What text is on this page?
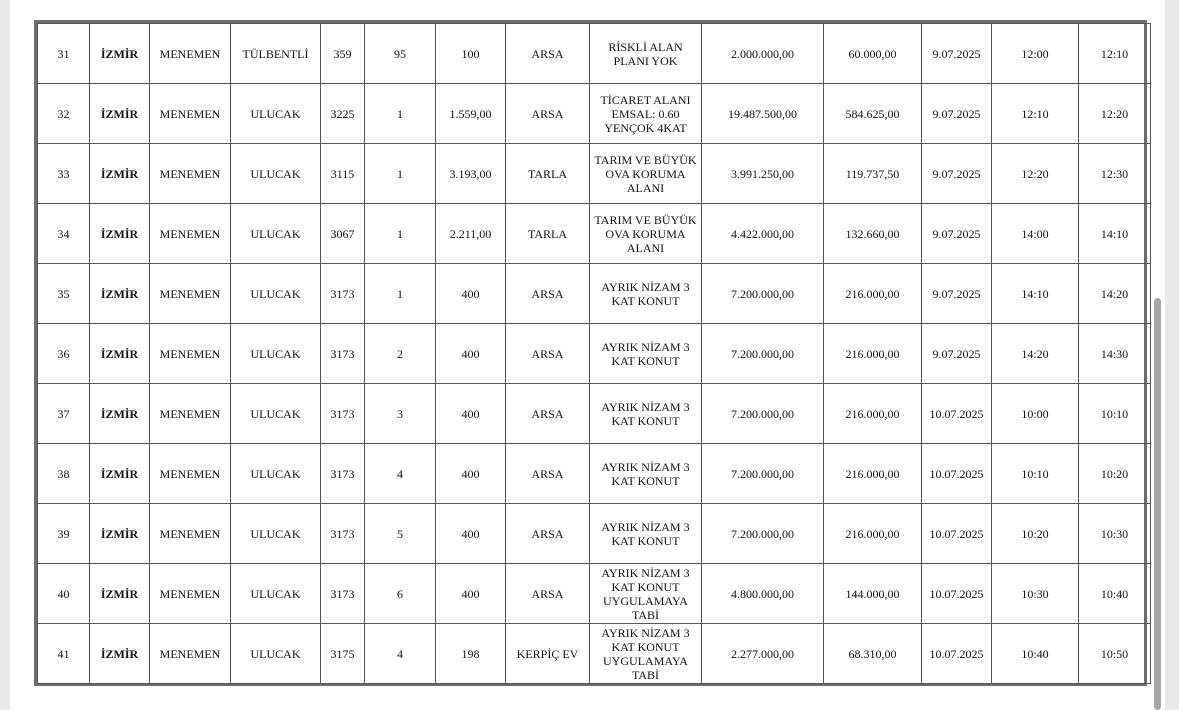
31	İZMİR	MENEMEN	TÜLBENTLİ	359	95	100	ARSA	RİSKLİ ALAN PLANI YOK	2.000.000,00	60.000,00	9.07.2025	12:00	12:10
32	İZMİR	MENEMEN	ULUCAK	3225	1	1.559,00	ARSA	TİCARET ALANI EMSAL: 0.60 YENÇOK 4KAT	19.487.500,00	584.625,00	9.07.2025	12:10	12:20
33	İZMİR	MENEMEN	ULUCAK	3115	1	3.193,00	TARLA	TARIM VE BÜYÜK OVA KORUMA ALANI	3.991.250,00	119.737,50	9.07.2025	12:20	12:30
34	İZMİR	MENEMEN	ULUCAK	3067	1	2.211,00	TARLA	TARIM VE BÜYÜK OVA KORUMA ALANI	4.422.000,00	132.660,00	9.07.2025	14:00	14:10
35	İZMİR	MENEMEN	ULUCAK	3173	1	400	ARSA	AYRIK NİZAM 3 KAT KONUT	7.200.000,00	216.000,00	9.07.2025	14:10	14:20
36	İZMİR	MENEMEN	ULUCAK	3173	2	400	ARSA	AYRIK NİZAM 3 KAT KONUT	7.200.000,00	216.000,00	9.07.2025	14:20	14:30
37	İZMİR	MENEMEN	ULUCAK	3173	3	400	ARSA	AYRIK NİZAM 3 KAT KONUT	7.200.000,00	216.000,00	10.07.2025	10:00	10:10
38	İZMİR	MENEMEN	ULUCAK	3173	4	400	ARSA	AYRIK NİZAM 3 KAT KONUT	7.200.000,00	216.000,00	10.07.2025	10:10	10:20
39	İZMİR	MENEMEN	ULUCAK	3173	5	400	ARSA	AYRIK NİZAM 3 KAT KONUT	7.200.000,00	216.000,00	10.07.2025	10:20	10:30
40	İZMİR	MENEMEN	ULUCAK	3173	6	400	ARSA	AYRIK NİZAM 3 KAT KONUT UYGULAMAYA TABİ	4.800.000,00	144.000,00	10.07.2025	10:30	10:40
41	İZMİR	MENEMEN	ULUCAK	3175	4	198	KERPİÇ EV	AYRIK NİZAM 3 KAT KONUT UYGULAMAYA TABİ	2.277.000,00	68.310,00	10.07.2025	10:40	10:50
